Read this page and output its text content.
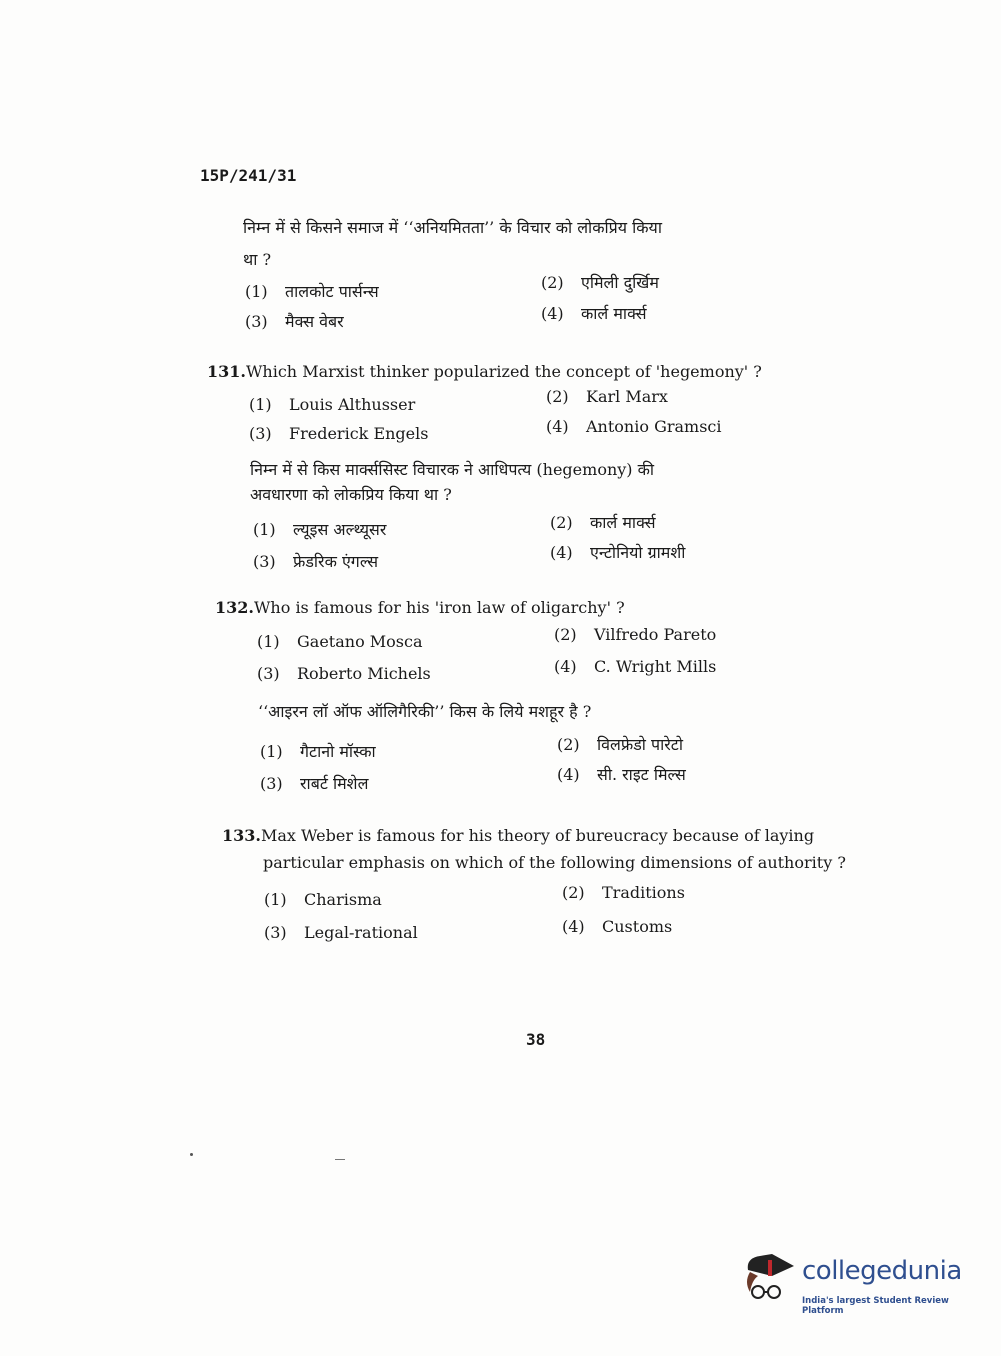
15P/241/31
निम्न में से किसने समाज में ‘‘अनियमितता’’ के विचार को लोकप्रिय किया
था ?
(1) तालकोट पार्सन्स	(2) एमिली दुर्खिम
(3) मैक्स वेबर	(4) कार्ल मार्क्स
131.Which Marxist thinker popularized the concept of 'hegemony' ?
(1) Louis Althusser	(2) Karl Marx
(3) Frederick Engels	(4) Antonio Gramsci
निम्न में से किस मार्क्ससिस्ट विचारक ने आधिपत्य (hegemony) की
अवधारणा को लोकप्रिय किया था ?
(1) ल्यूइस अल्थ्यूसर	(2) कार्ल मार्क्स
(3) फ्रेडरिक एंगल्स	(4) एन्टोनियो ग्रामशी
132.Who is famous for his 'iron law of oligarchy' ?
(1) Gaetano Mosca	(2) Vilfredo Pareto
(3) Roberto Michels	(4) C. Wright Mills
‘‘आइरन लॉ ऑफ ऑलिगैरिकी’’ किस के लिये मशहूर है ?
(1) गैटानो मॉस्का	(2) विलफ्रेडो पारेटो
(3) राबर्ट मिशेल	(4) सी. राइट मिल्स
133.Max Weber is famous for his theory of bureucracy because of laying
particular emphasis on which of the following dimensions of authority ?
(1) Charisma	(2) Traditions
(3) Legal-rational	(4) Customs
38
collegedunia
India's largest Student Review Platform
